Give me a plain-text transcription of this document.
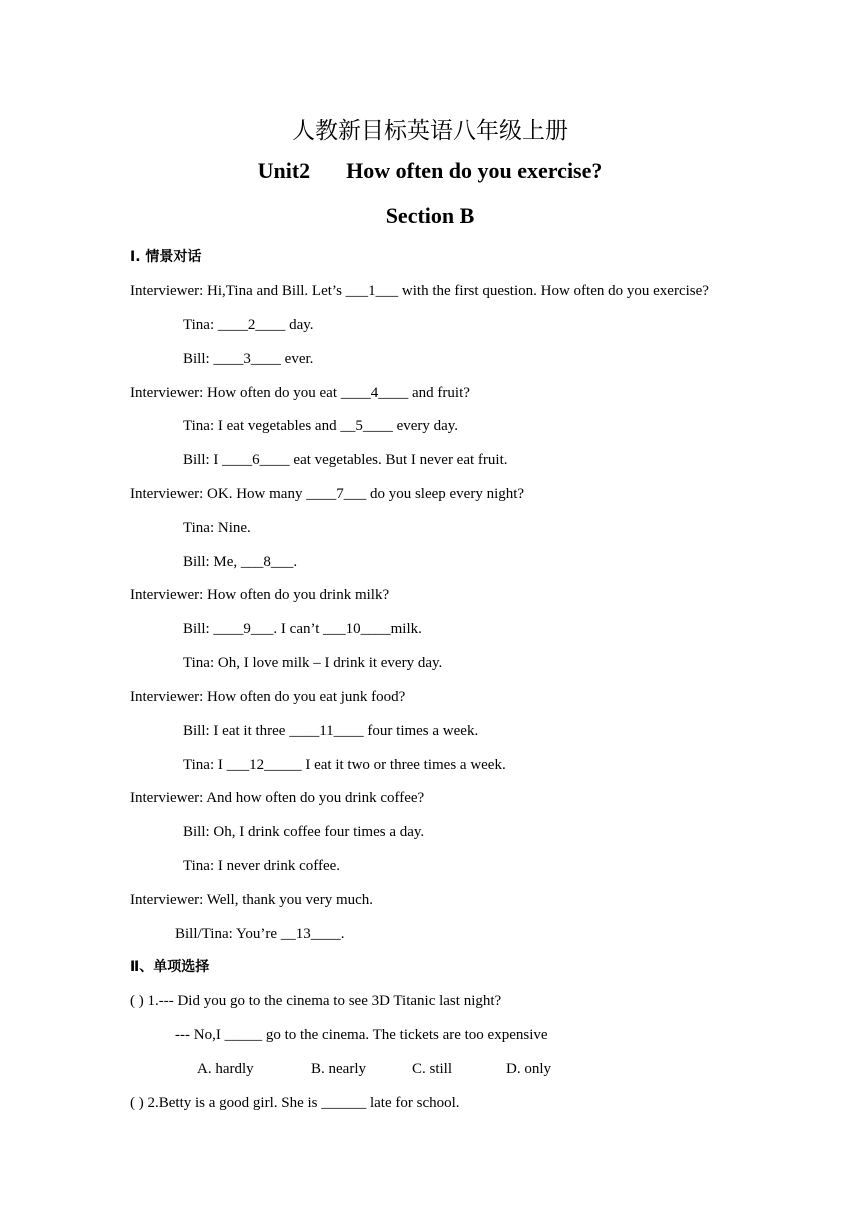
人教新目标英语八年级上册
Unit2 How often do you exercise?
Section B
I. 情景对话
Interviewer: Hi,Tina and Bill. Let’s ___1___ with the first question. How often do you exercise?
Tina: ____2____ day.
Bill: ____3____ ever.
Interviewer: How often do you eat ____4____ and fruit?
Tina: I eat vegetables and __5____ every day.
Bill: I ____6____ eat vegetables. But I never eat fruit.
Interviewer: OK. How many ____7___ do you sleep every night?
Tina: Nine.
Bill: Me, ___8___.
Interviewer: How often do you drink milk?
Bill: ____9___. I can’t ___10____milk.
Tina: Oh, I love milk – I drink it every day.
Interviewer: How often do you eat junk food?
Bill: I eat it three ____11____ four times a week.
Tina: I ___12_____ I eat it two or three times a week.
Interviewer: And how often do you drink coffee?
Bill: Oh, I drink coffee four times a day.
Tina: I never drink coffee.
Interviewer: Well, thank you very much.
Bill/Tina: You’re __13____.
Ⅱ、单项选择
( ) 1.--- Did you go to the cinema to see 3D Titanic last night?
--- No,I _____ go to the cinema. The tickets are too expensive
A. hardly	B. nearly	C. still	D. only
( ) 2.Betty is a good girl. She is ______ late for school.
